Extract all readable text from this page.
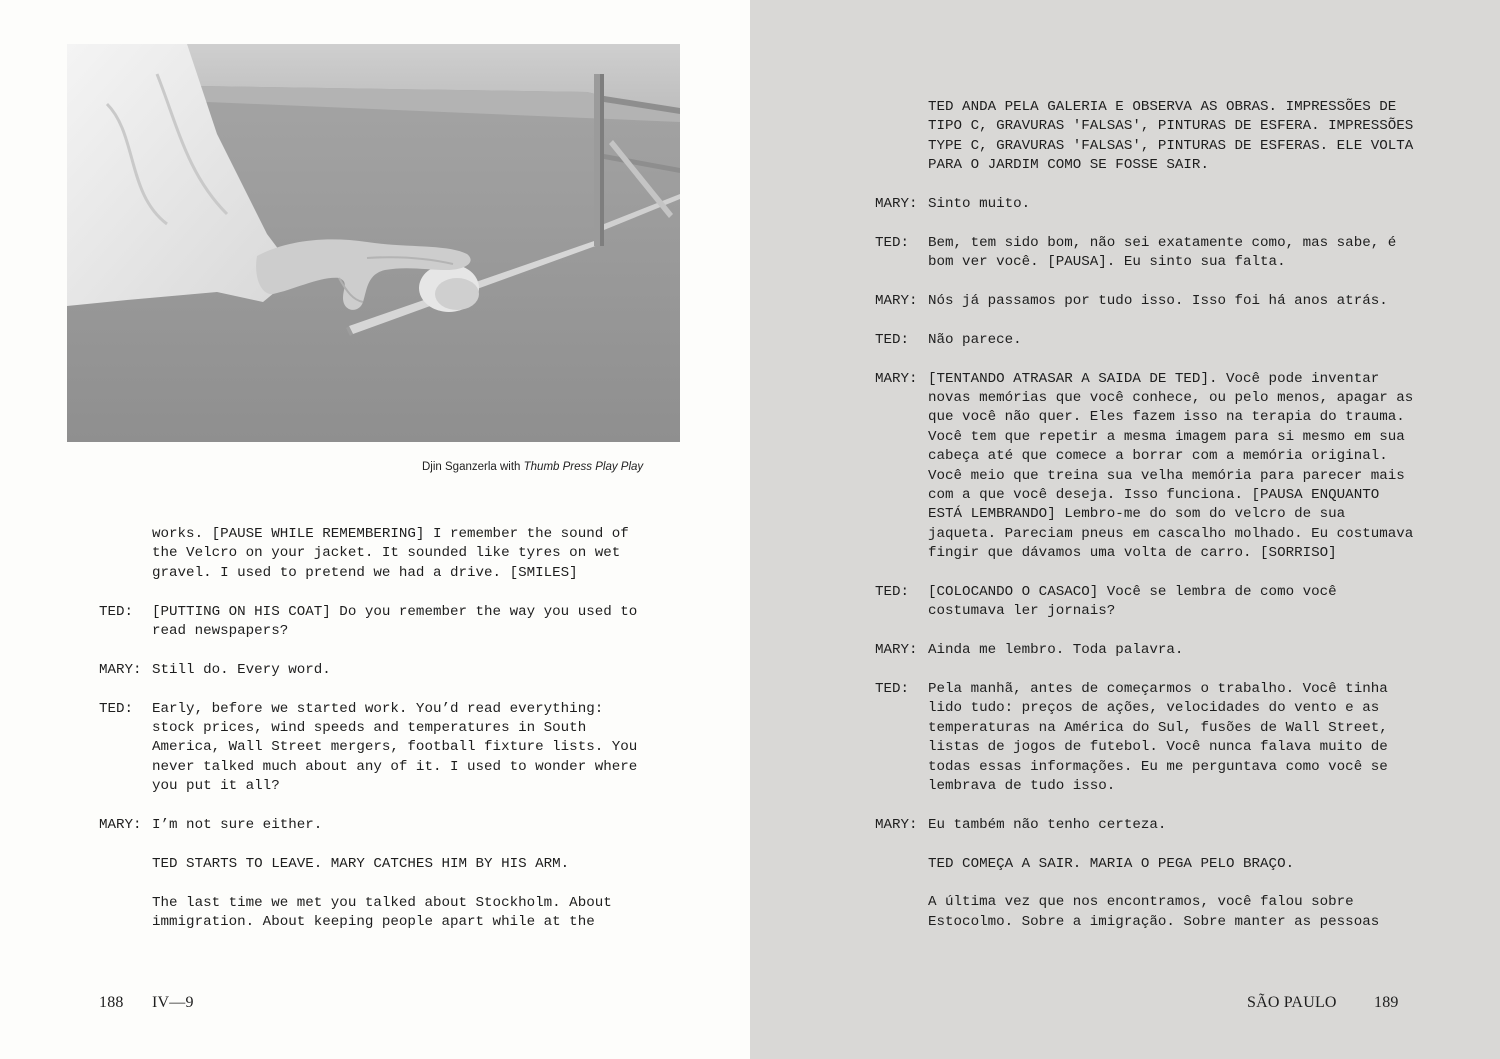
Djin Sganzerla with Thumb Press Play Play
works. [PAUSE WHILE REMEMBERING] I remember the sound of the Velcro on your jacket. It sounded like tyres on wet gravel. I used to pretend we had a drive. [SMILES]
TED:	[PUTTING ON HIS COAT] Do you remember the way you used to read newspapers?
MARY: Still do. Every word.
TED:	Early, before we started work. You’d read everything: stock prices, wind speeds and temperatures in South America, Wall Street mergers, football fixture lists. You never talked much about any of it. I used to wonder where you put it all?
MARY: I’m not sure either.
TED STARTS TO LEAVE. MARY CATCHES HIM BY HIS ARM.
The last time we met you talked about Stockholm. About immigration. About keeping people apart while at the
188 IV—9
TED ANDA PELA GALERIA E OBSERVA AS OBRAS. IMPRESSÕES DE TIPO C, GRAVURAS 'FALSAS', PINTURAS DE ESFERA. IMPRESSÕES TYPE C, GRAVURAS 'FALSAS', PINTURAS DE ESFERAS. ELE VOLTA PARA O JARDIM COMO SE FOSSE SAIR.
MARY: Sinto muito.
TED:	Bem, tem sido bom, não sei exatamente como, mas sabe, é bom ver você. [PAUSA]. Eu sinto sua falta.
MARY: Nós já passamos por tudo isso. Isso foi há anos atrás.
TED:	Não parece.
MARY: [TENTANDO ATRASAR A SAIDA DE TED]. Você pode inventar novas memórias que você conhece, ou pelo menos, apagar as que você não quer. Eles fazem isso na terapia do trauma. Você tem que repetir a mesma imagem para si mesmo em sua cabeça até que comece a borrar com a memória original. Você meio que treina sua velha memória para parecer mais com a que você deseja. Isso funciona. [PAUSA ENQUANTO ESTÁ LEMBRANDO] Lembro-me do som do velcro de sua jaqueta. Pareciam pneus em cascalho molhado. Eu costumava fingir que dávamos uma volta de carro. [SORRISO]
TED:	[COLOCANDO O CASACO] Você se lembra de como você costumava ler jornais?
MARY: Ainda me lembro. Toda palavra.
TED:	Pela manhã, antes de começarmos o trabalho. Você tinha lido tudo: preços de ações, velocidades do vento e as temperaturas na América do Sul, fusões de Wall Street, listas de jogos de futebol. Você nunca falava muito de todas essas informações. Eu me perguntava como você se lembrava de tudo isso.
MARY: Eu também não tenho certeza.
TED COMEÇA A SAIR. MARIA O PEGA PELO BRAÇO.
A última vez que nos encontramos, você falou sobre Estocolmo. Sobre a imigração. Sobre manter as pessoas
SÃO PAULO 189
